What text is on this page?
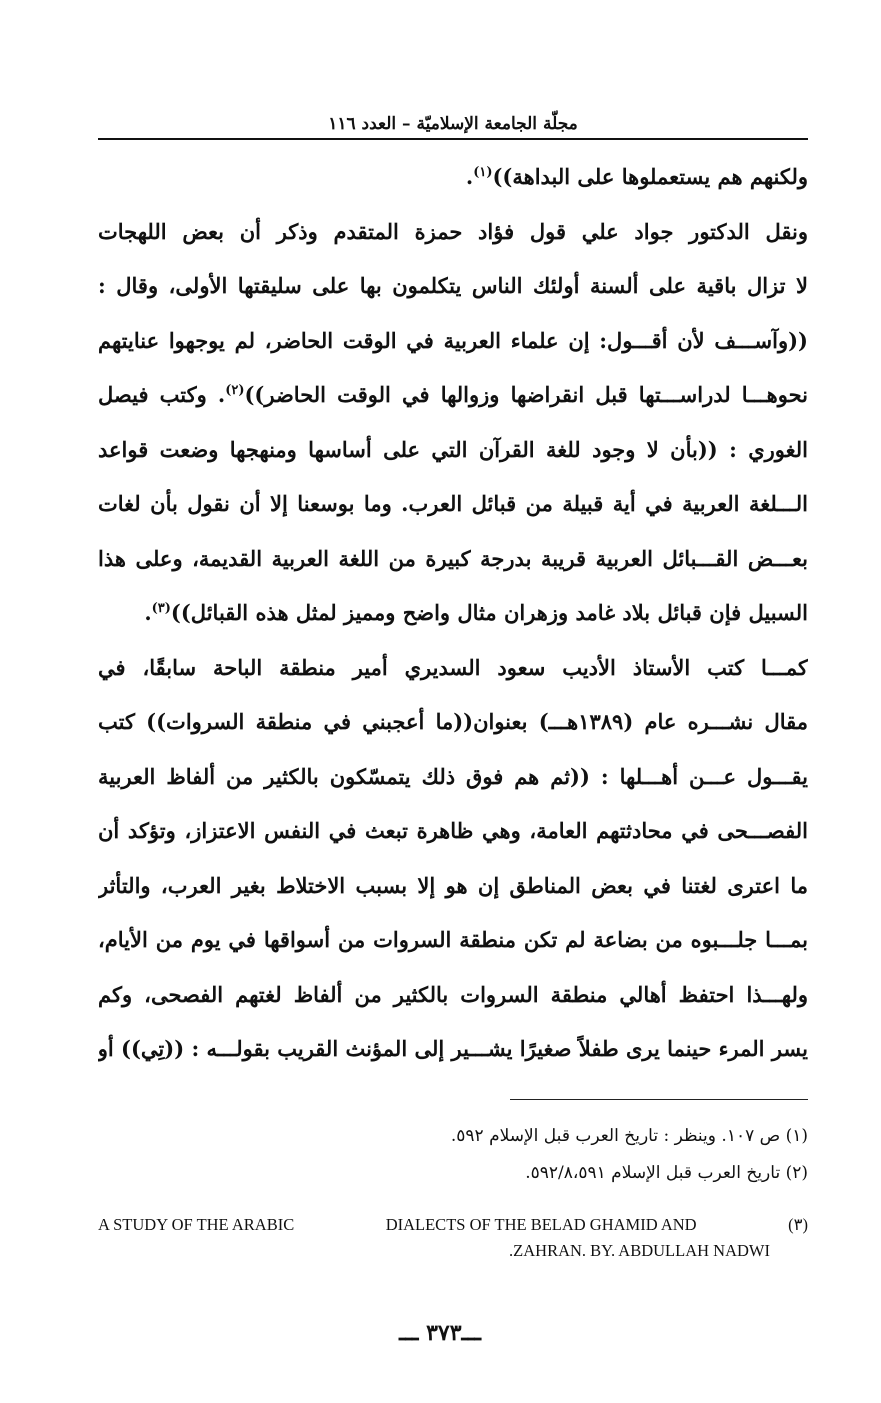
مجلّة الجامعة الإسلاميّة – العدد ١١٦
ولكنهم هم يستعملوها على البداهة))$^{(١)}$.
ونقل الدكتور جواد علي قول فؤاد حمزة المتقدم وذكر أن بعض اللهجات
لا تزال باقية على ألسنة أولئك الناس يتكلمون بها على سليقتها الأولى، وقال :
((وآســـف لأن أقـــول: إن علماء العربية في الوقت الحاضر، لم يوجهوا عنايتهم
نحوهـــا لدراســـتها قبل انقراضها وزوالها في الوقت الحاضر))$^{(٢)}$. وكتب فيصل
الغوري : ((بأن لا وجود للغة القرآن التي على أساسها ومنهجها وضعت قواعد
الـــلغة العربية في أية قبيلة من قبائل العرب. وما بوسعنا إلا أن نقول بأن لغات
بعـــض القـــبائل العربية قريبة بدرجة كبيرة من اللغة العربية القديمة، وعلى هذا
السبيل فإن قبائل بلاد غامد وزهران مثال واضح ومميز لمثل هذه القبائل))$^{(٣)}$.
كمـــا كتب الأستاذ الأديب سعود السديري أمير منطقة الباحة سابقًا، في
مقال نشـــره عام (١٣٨٩هـــ) بعنوان((ما أعجبني في منطقة السروات)) كتب
يقـــول عـــن أهـــلها : ((ثم هم فوق ذلك يتمسّكون بالكثير من ألفاظ العربية
الفصـــحى في محادثتهم العامة، وهي ظاهرة تبعث في النفس الاعتزاز، وتؤكد أن
ما اعترى لغتنا في بعض المناطق إن هو إلا بسبب الاختلاط بغير العرب، والتأثر
بمـــا جلـــبوه من بضاعة لم تكن منطقة السروات من أسواقها في يوم من الأيام،
ولهـــذا احتفظ أهالي منطقة السروات بالكثير من ألفاظ لغتهم الفصحى، وكم
يسر المرء حينما يرى طفلاً صغيرًا يشـــير إلى المؤنث القريب بقولـــه : ((تِي)) أو
(١) ص ١٠٧. وينظر : تاريخ العرب قبل الإسلام ٥٩٢.
(٢) تاريخ العرب قبل الإسلام ٥٩٢/٨،٥٩١.
A STUDY OF THE ARABIC	DIALECTS OF THE BELAD GHAMID AND	(٣)
.ZAHRAN. BY. ABDULLAH NADWI
ـــ٣٧٣ ـــ
